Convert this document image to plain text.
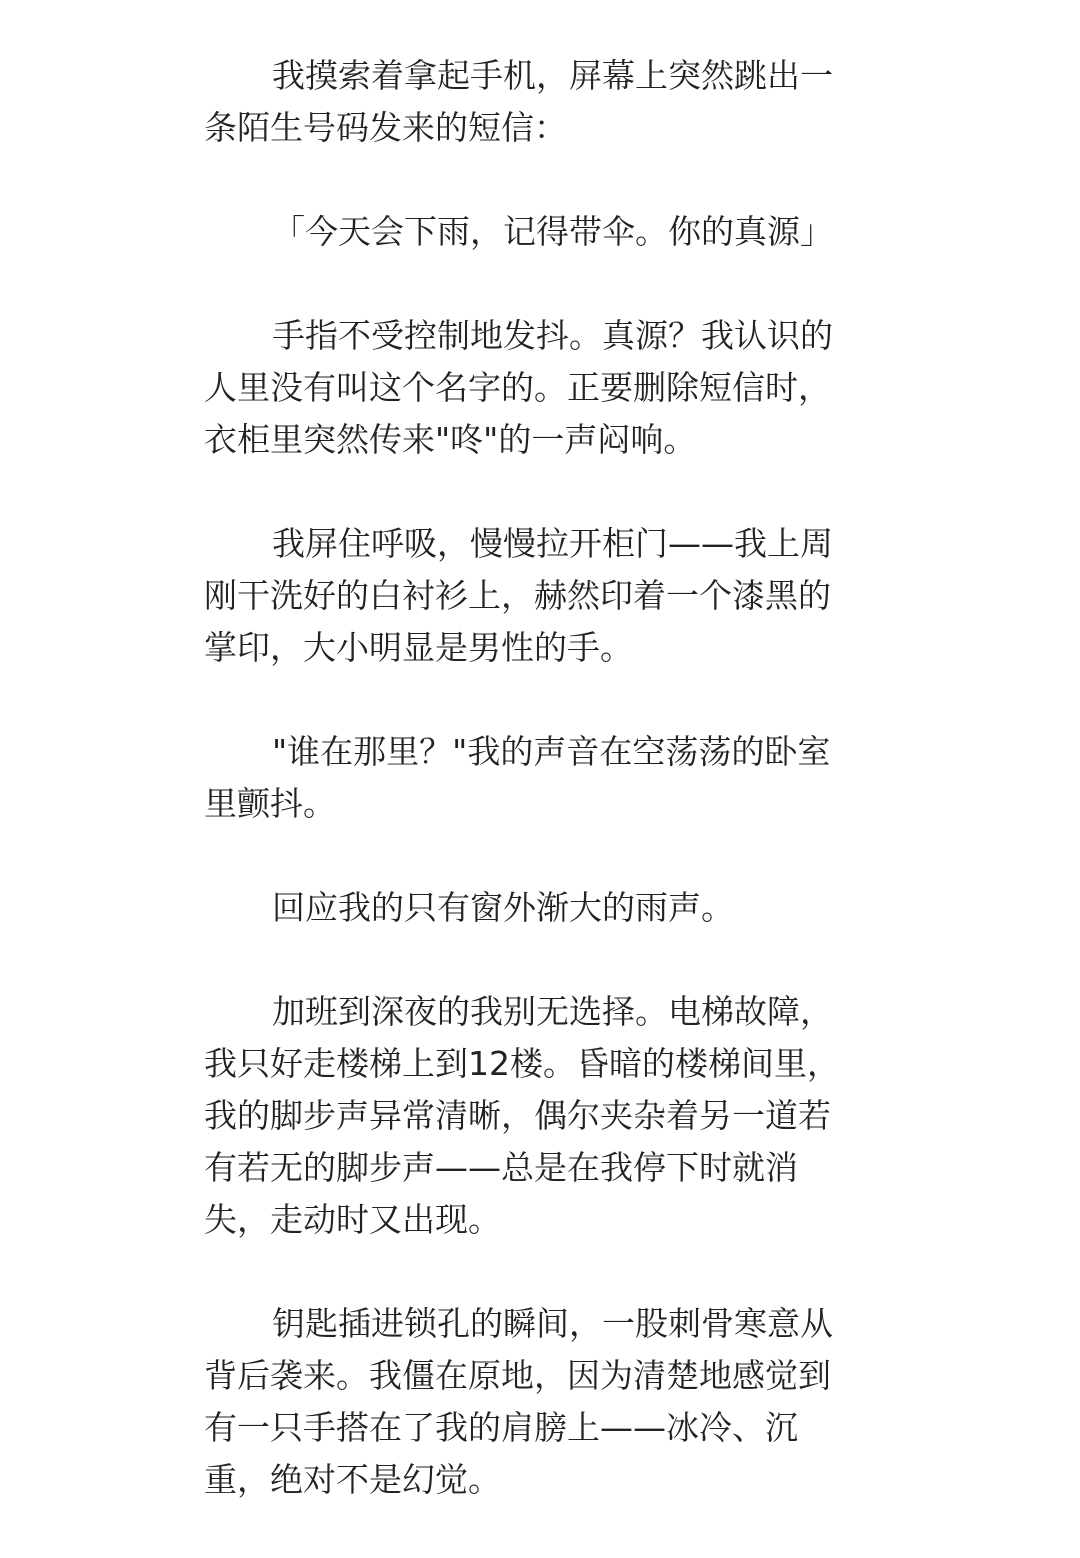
我摸索着拿起手机，屏幕上突然跳出一
条陌生号码发来的短信：
「今天会下雨，记得带伞。你的真源」
手指不受控制地发抖。真源？我认识的
人里没有叫这个名字的。正要删除短信时，
衣柜里突然传来"咚"的一声闷响。
我屏住呼吸，慢慢拉开柜门——我上周
刚干洗好的白衬衫上，赫然印着一个漆黑的
掌印，大小明显是男性的手。
"谁在那里？"我的声音在空荡荡的卧室
里颤抖。
回应我的只有窗外渐大的雨声。
加班到深夜的我别无选择。电梯故障，
我只好走楼梯上到12楼。昏暗的楼梯间里，
我的脚步声异常清晰，偶尔夹杂着另一道若
有若无的脚步声——总是在我停下时就消
失，走动时又出现。
钥匙插进锁孔的瞬间，一股刺骨寒意从
背后袭来。我僵在原地，因为清楚地感觉到
有一只手搭在了我的肩膀上——冰冷、沉
重，绝对不是幻觉。
